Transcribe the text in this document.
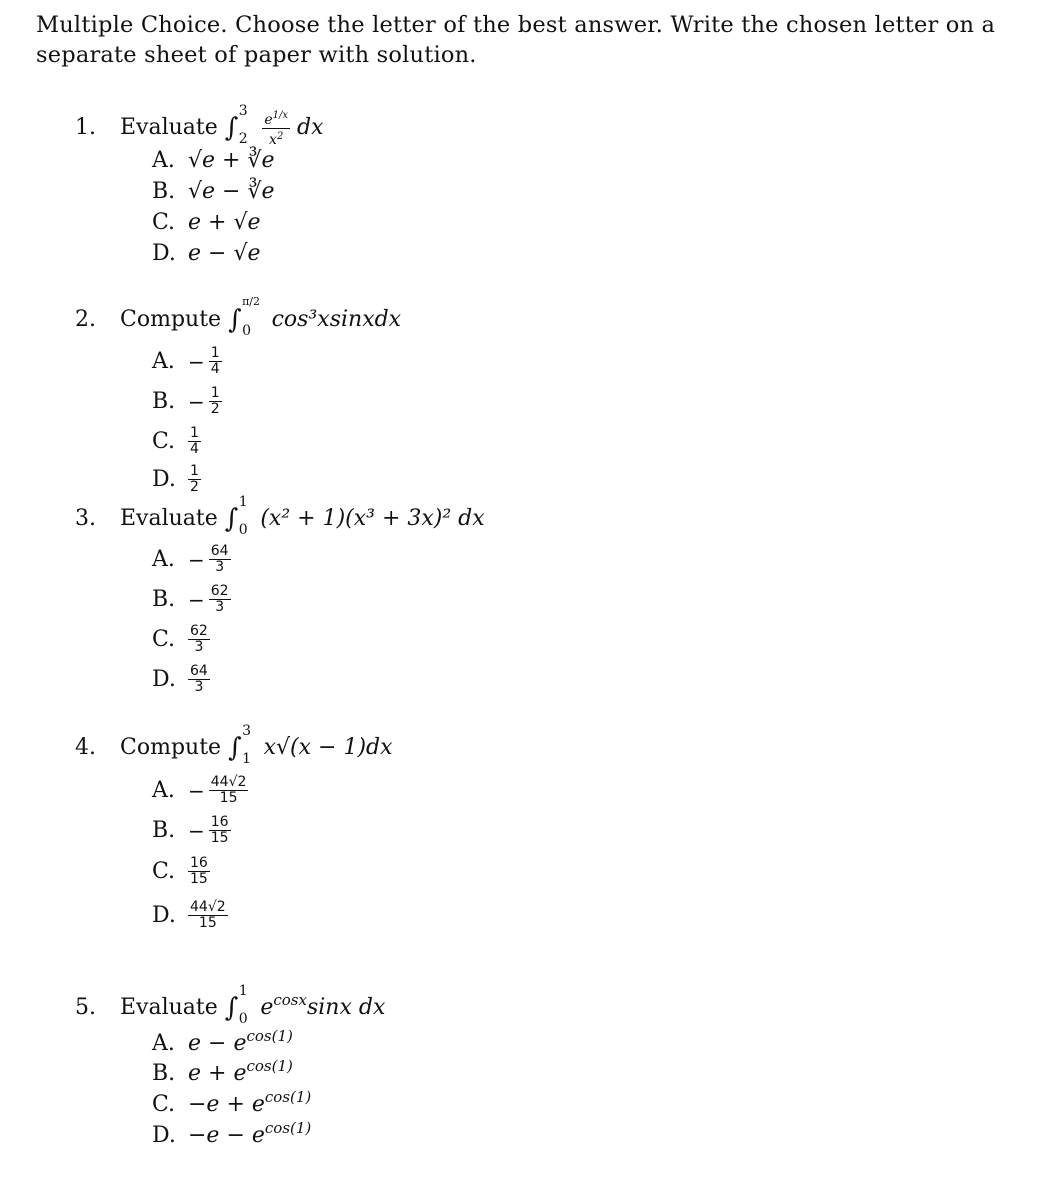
Multiple Choice. Choose the letter of the best answer. Write the chosen letter on a separate sheet of paper with solution.

1. Evaluate ∫
3
2
$\frac{e^{1/x}}{x^2}$ dx
A. √e + ∛e
B. √e − ∛e
C. e + √e
D. e − √e
2. Compute ∫
π/2
0 cos³xsinxdx
A. − $\frac{1}{4}$
B. − $\frac{1}{2}$
C. $\frac{1}{4}$
D. $\frac{1}{2}$
3. Evaluate ∫
1
0 (x² + 1)(x³ + 3x)² dx
A. − $\frac{64}{3}$
B. − $\frac{62}{3}$
C. $\frac{62}{3}$
D. $\frac{64}{3}$
4. Compute ∫
3
1 x√(x − 1)dx
A. − $\frac{44√2}{15}$
B. − $\frac{16}{15}$
C. $\frac{16}{15}$
D. $\frac{44√2}{15}$
5. Evaluate ∫
1
0 $e^{cosx}\sin x$ dx
A. $e - e^{cos(1)}$
B. $e + e^{cos(1)}$
C. $-e + e^{cos(1)}$
D. $-e - e^{cos(1)}$
